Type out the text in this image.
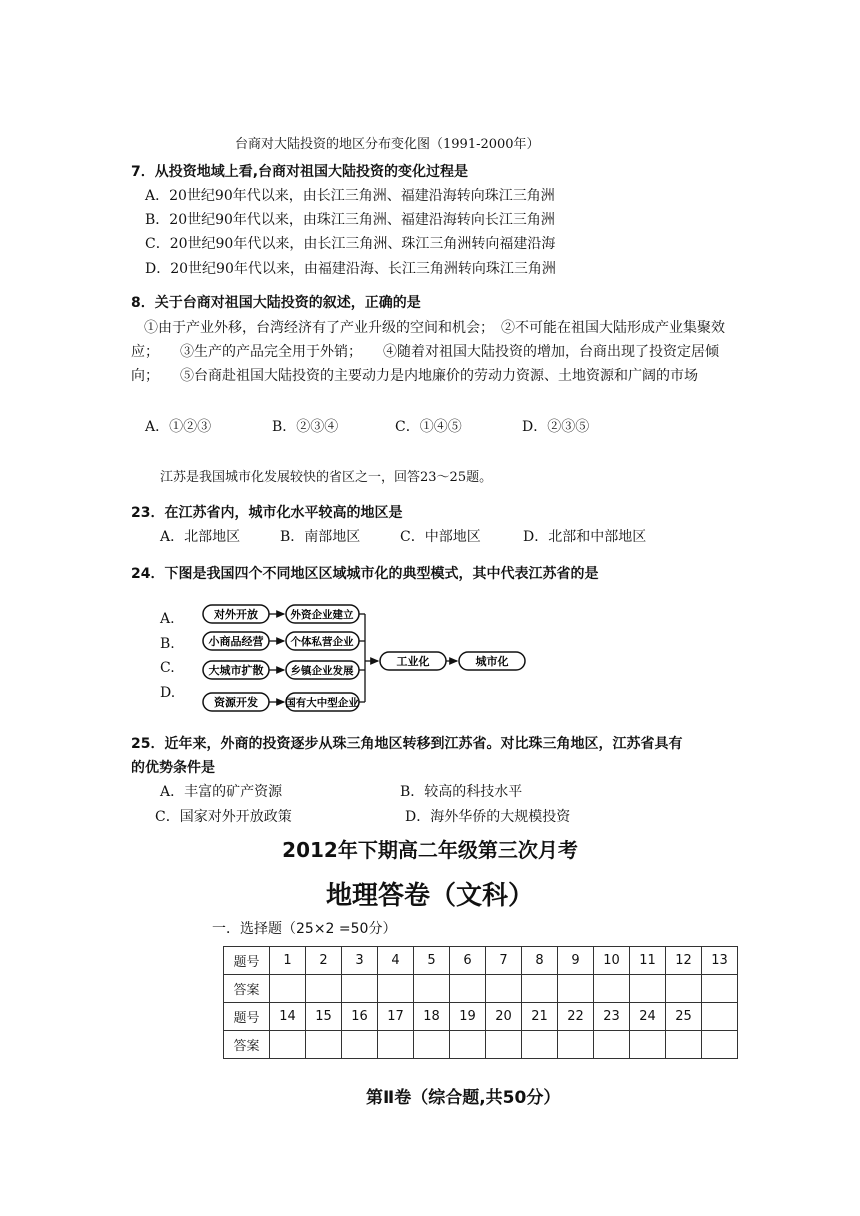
台商对大陆投资的地区分布变化图（1991-2000年）
7．从投资地域上看,台商对祖国大陆投资的变化过程是
A．20世纪90年代以来，由长江三角洲、福建沿海转向珠江三角洲
B．20世纪90年代以来，由珠江三角洲、福建沿海转向长江三角洲
C．20世纪90年代以来，由长江三角洲、珠江三角洲转向福建沿海
D．20世纪90年代以来，由福建沿海、长江三角洲转向珠江三角洲
8．关于台商对祖国大陆投资的叙述，正确的是
①由于产业外移，台湾经济有了产业升级的空间和机会；　②不可能在祖国大陆形成产业集聚效应；　　③生产的产品完全用于外销；　　④随着对祖国大陆投资的增加，台商出现了投资定居倾向；　　⑤台商赴祖国大陆投资的主要动力是内地廉价的劳动力资源、土地资源和广阔的市场
A．①②③	B．②③④	C．①④⑤	D．②③⑤
江苏是我国城市化发展较快的省区之一，回答23～25题。
23．在江苏省内，城市化水平较高的地区是
A．北部地区	B．南部地区	C．中部地区	D．北部和中部地区
24．下图是我国四个不同地区区域城市化的典型模式，其中代表江苏省的是
A.
B.
C.
D.
对外开放
小商品经营
大城市扩散
资源开发
外资企业建立
个体私营企业
乡镇企业发展
国有大中型企业
工业化	城市化
25．近年来，外商的投资逐步从珠三角地区转移到江苏省。对比珠三角地区，江苏省具有
的优势条件是
A．丰富的矿产资源	B．较高的科技水平
C．国家对外开放政策	D．海外华侨的大规模投资
2012年下期高二年级第三次月考
地理答卷（文科）
一．选择题（25×2 =50分）
题号	1	2	3	4	5	6	7	8	9	10	11	12	13
答案													
题号	14	15	16	17	18	19	20	21	22	23	24	25	
答案													
第Ⅱ卷（综合题,共50分）
